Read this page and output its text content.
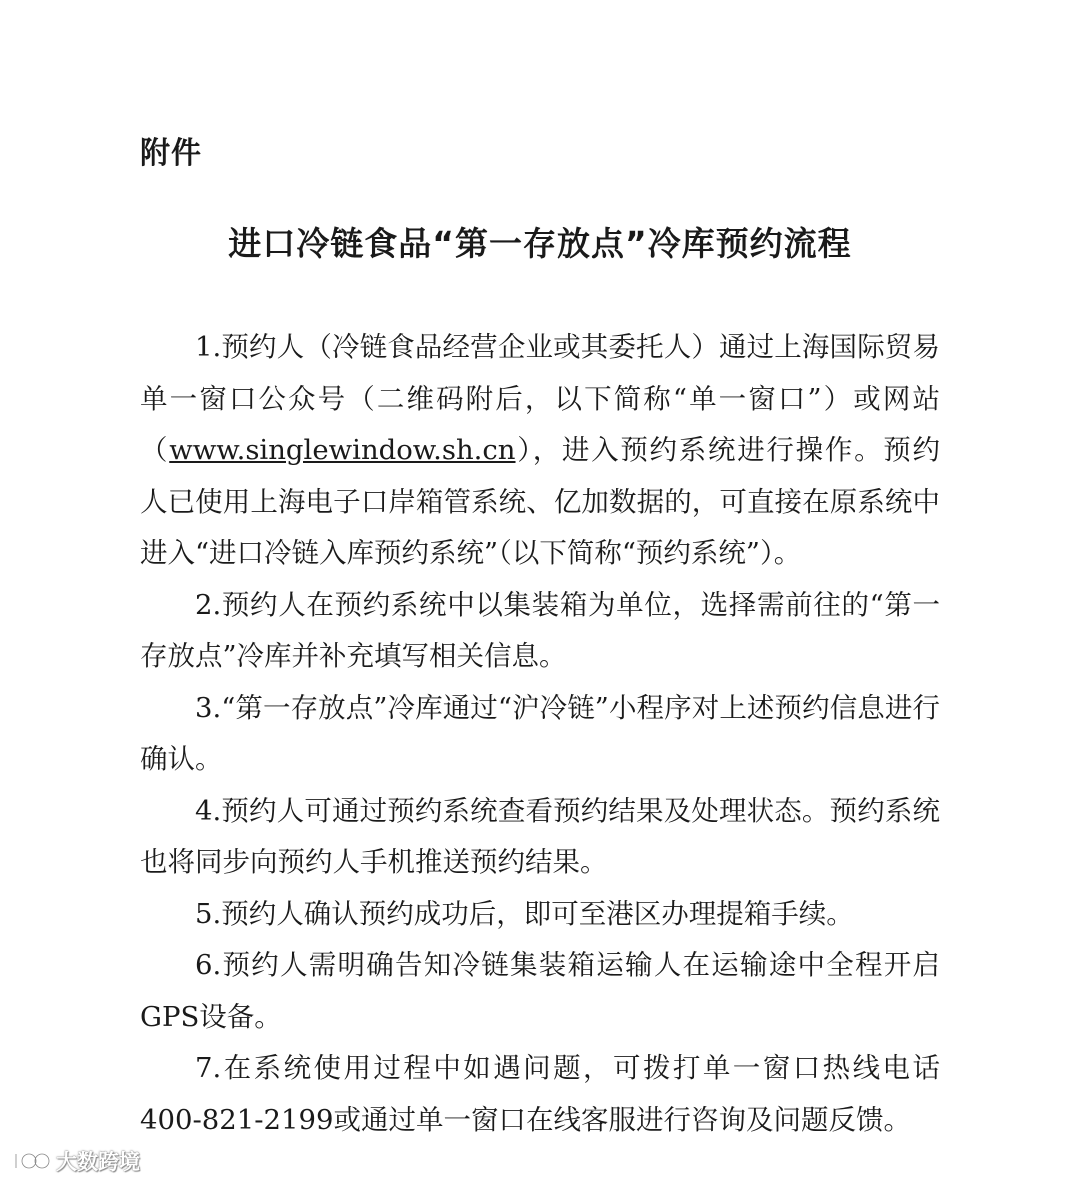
附件
进口冷链食品“第一存放点”冷库预约流程

1.预约人（冷链食品经营企业或其委托人）通过上海国际贸易单一窗口公众号（二维码附后，以下简称“单一窗口”）或网站（www.singlewindow.sh.cn），进入预约系统进行操作。预约人已使用上海电子口岸箱管系统、亿加数据的，可直接在原系统中进入“进口冷链入库预约系统”（以下简称“预约系统”）。

2.预约人在预约系统中以集装箱为单位，选择需前往的“第一存放点”冷库并补充填写相关信息。

3.“第一存放点”冷库通过“沪冷链”小程序对上述预约信息进行确认。

4.预约人可通过预约系统查看预约结果及处理状态。预约系统也将同步向预约人手机推送预约结果。

5.预约人确认预约成功后，即可至港区办理提箱手续。

6.预约人需明确告知冷链集装箱运输人在运输途中全程开启GPS设备。

7.在系统使用过程中如遇问题，可拨打单一窗口热线电话400-821-2199或通过单一窗口在线客服进行咨询及问题反馈。

大数跨境
